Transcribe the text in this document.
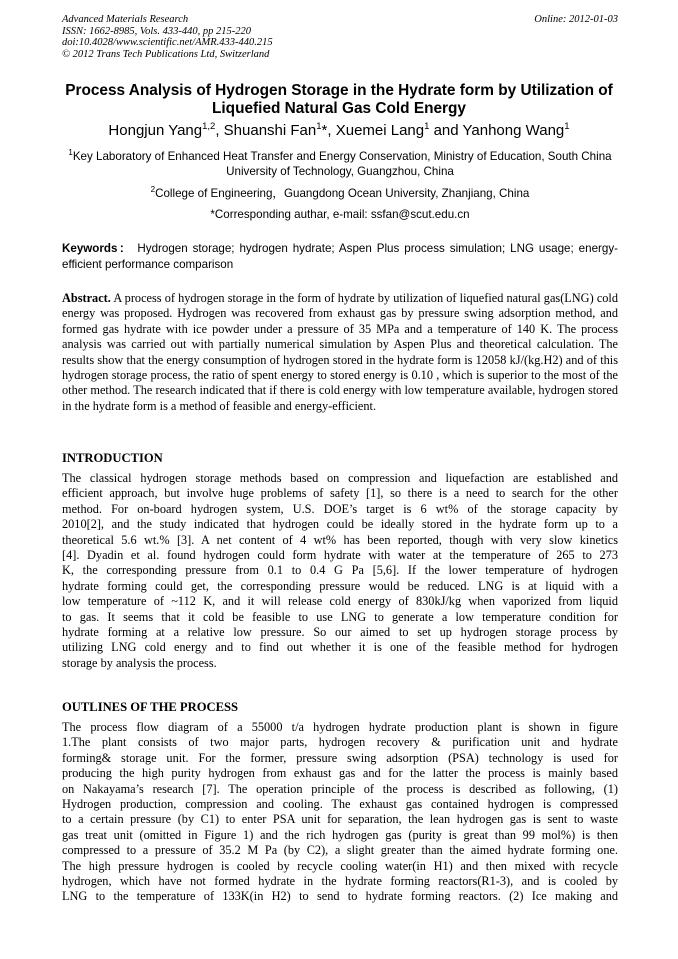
Advanced Materials Research
ISSN: 1662-8985, Vols. 433-440, pp 215-220
doi:10.4028/www.scientific.net/AMR.433-440.215
© 2012 Trans Tech Publications Ltd, Switzerland
Online: 2012-01-03
Process Analysis of Hydrogen Storage in the Hydrate form by Utilization of Liquefied Natural Gas Cold Energy
Hongjun Yang$^{1,2}$, Shuanshi Fan$^1$*, Xuemei Lang$^1$ and Yanhong Wang$^1$
$^1$Key Laboratory of Enhanced Heat Transfer and Energy Conservation, Ministry of Education, South China University of Technology, Guangzhou, China
$^2$College of Engineering，Guangdong Ocean University, Zhanjiang, China
*Corresponding authar, e-mail: ssfan@scut.edu.cn
Keywords： Hydrogen storage; hydrogen hydrate; Aspen Plus process simulation; LNG usage; energy-efficient performance comparison
Abstract. A process of hydrogen storage in the form of hydrate by utilization of liquefied natural gas(LNG) cold energy was proposed. Hydrogen was recovered from exhaust gas by pressure swing adsorption method, and formed gas hydrate with ice powder under a pressure of 35 MPa and a temperature of 140 K. The process analysis was carried out with partially numerical simulation by Aspen Plus and theoretical calculation. The results show that the energy consumption of hydrogen stored in the hydrate form is 12058 kJ/(kg.H2) and of this hydrogen storage process, the ratio of spent energy to stored energy is 0.10 , which is superior to the most of the other method. The research indicated that if there is cold energy with low temperature available, hydrogen stored in the hydrate form is a method of feasible and energy-efficient.
INTRODUCTION
The classical hydrogen storage methods based on compression and liquefaction are established and
efficient approach, but involve huge problems of safety [1], so there is a need to search for the other
method. For on-board hydrogen system, U.S. DOE’s target is 6 wt% of the storage capacity by
2010[2], and the study indicated that hydrogen could be ideally stored in the hydrate form up to a
theoretical 5.6 wt.% [3]. A net content of 4 wt% has been reported, though with very slow kinetics
[4]. Dyadin et al. found hydrogen could form hydrate with water at the temperature of 265 to 273
K, the corresponding pressure from 0.1 to 0.4 G Pa [5,6]. If the lower temperature of hydrogen
hydrate forming could get, the corresponding pressure would be reduced. LNG is at liquid with a
low temperature of ~112 K, and it will release cold energy of 830kJ/kg when vaporized from liquid
to gas. It seems that it cold be feasible to use LNG to generate a low temperature condition for
hydrate forming at a relative low pressure. So our aimed to set up hydrogen storage process by
utilizing LNG cold energy and to find out whether it is one of the feasible method for hydrogen
storage by analysis the process.
OUTLINES OF THE PROCESS
The process flow diagram of a 55000 t/a hydrogen hydrate production plant is shown in figure
1.The plant consists of two major parts, hydrogen recovery & purification unit and hydrate
forming& storage unit. For the former, pressure swing adsorption (PSA) technology is used for
producing the high purity hydrogen from exhaust gas and for the latter the process is mainly based
on Nakayama’s research [7]. The operation principle of the process is described as following, (1)
Hydrogen production, compression and cooling. The exhaust gas contained hydrogen is compressed
to a certain pressure (by C1) to enter PSA unit for separation, the lean hydrogen gas is sent to waste
gas treat unit (omitted in Figure 1) and the rich hydrogen gas (purity is great than 99 mol%) is then
compressed to a pressure of 35.2 M Pa (by C2), a slight greater than the aimed hydrate forming one.
The high pressure hydrogen is cooled by recycle cooling water(in H1) and then mixed with recycle
hydrogen, which have not formed hydrate in the hydrate forming reactors(R1-3), and is cooled by
LNG to the temperature of 133K(in H2) to send to hydrate forming reactors. (2) Ice making and
